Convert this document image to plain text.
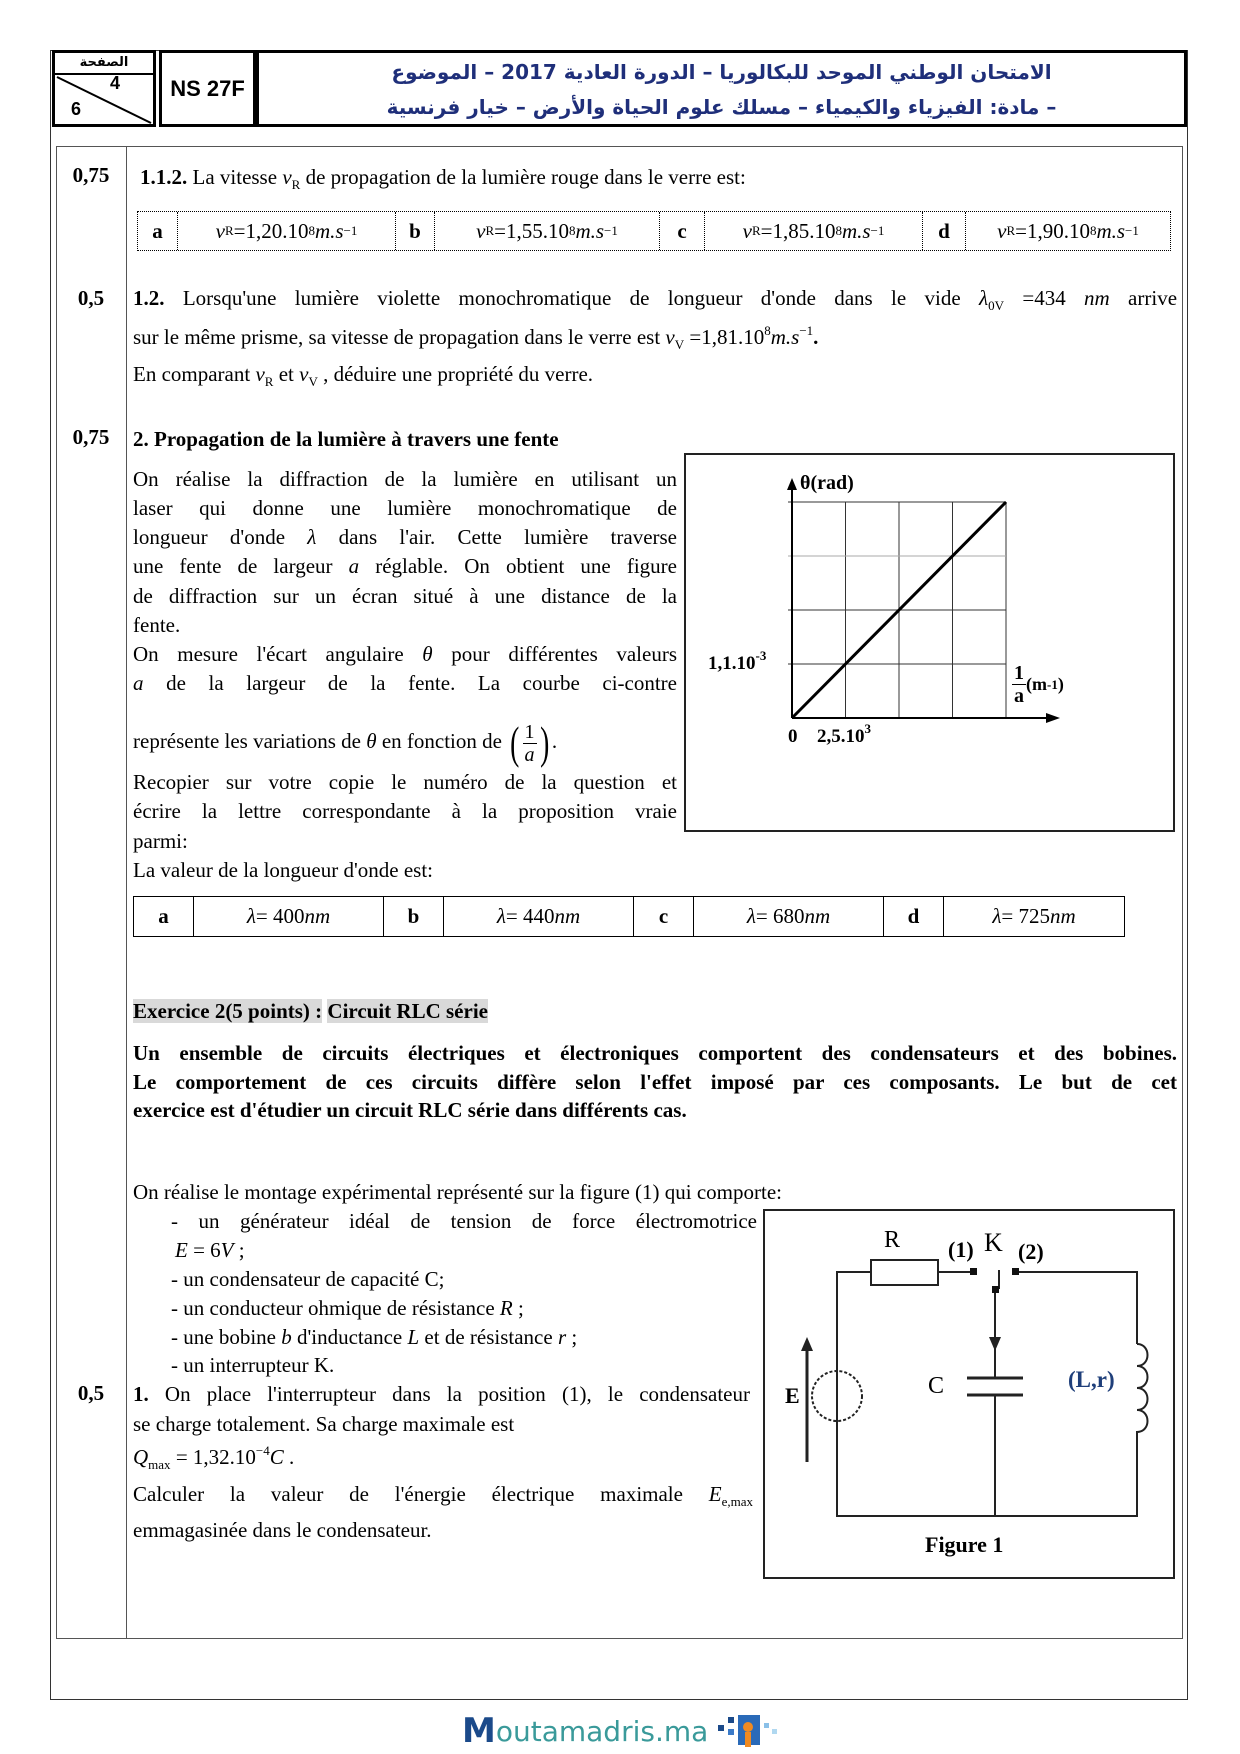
الصفحة
4
6
NS 27F
الامتحان الوطني الموحد للبكالوريا – الدورة العادية 2017 – الموضوع
– مادة: الفيزياء والكيمياء – مسلك علوم الحياة والأرض – خيار فرنسية
0,75
0,5
0,75
0,5
1.1.2. La vitesse $v_R$ de propagation de la lumière rouge dans le verre est:
a	v R =1,20.10 8 m.s −1	b	v R =1,55.10 8 m.s −1	c	v R =1,85.10 8 m.s −1	d	v R =1,90.10 8 m.s −1
1.2. Lorsqu'une lumière violette monochromatique de longueur d'onde dans le vide $\lambda_{0V} =434$ nm arrive
sur le même prisme, sa vitesse de propagation dans le verre est $v_V =1,81.10^8m.s^{-1}$.
En comparant $v_R$ et $v_V$ , déduire une propriété du verre.
2. Propagation de la lumière à travers une fente
On réalise la diffraction de la lumière en utilisant un
laser qui donne une lumière monochromatique de
longueur d'onde λ dans l'air. Cette lumière traverse
une fente de largeur a réglable. On obtient une figure
de diffraction sur un écran situé à une distance de la
fente.
On mesure l'écart angulaire θ pour différentes valeurs
a de la largeur de la fente. La courbe ci-contre
représente les variations de θ en fonction de ( $\frac{1}{a}$ ) .
Recopier sur votre copie le numéro de la question et
écrire la lettre correspondante à la proposition vraie
parmi:
La valeur de la longueur d'onde est:
θ(rad)
$1,1.10^{-3}$
0 2,5.10$^3$
$\frac{1}{a} (m$ -1 )
a	λ = 400 nm	b	λ = 440 nm	c	λ = 680 nm	d	λ = 725 nm
Exercice 2(5 points) : Circuit RLC série
Un ensemble de circuits électriques et électroniques comportent des condensateurs et des bobines.
Le comportement de ces circuits diffère selon l'effet imposé par ces composants. Le but de cet
exercice est d'étudier un circuit RLC série dans différents cas.
On réalise le montage expérimental représenté sur la figure (1) qui comporte:
- un générateur idéal de tension de force électromotrice
E = 6V ;
- un condensateur de capacité C;
- un conducteur ohmique de résistance R ;
- une bobine b d'inductance L et de résistance r ;
- un interrupteur K.
1. On place l'interrupteur dans la position (1), le condensateur
se charge totalement. Sa charge maximale est
$Q_{max} = 1,32.10^{-4}C$ .
Calculer la valeur de l'énergie électrique maximale $E_{e,max}$
emmagasinée dans le condensateur.
R (1) K (2)
E	C	(L,r)
Figure 1
M outamadris.ma
